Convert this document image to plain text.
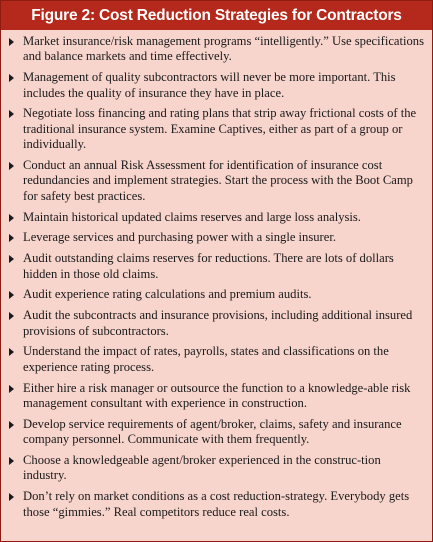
Figure 2: Cost Reduction Strategies for Contractors
Market insurance/risk management programs “intelligently.” Use specifications and balance markets and time effectively.
Management of quality subcontractors will never be more important. This includes the quality of insurance they have in place.
Negotiate loss financing and rating plans that strip away frictional costs of the traditional insurance system. Examine Captives, either as part of a group or individually.
Conduct an annual Risk Assessment for identification of insurance cost redundancies and implement strategies. Start the process with the Boot Camp for safety best practices.
Maintain historical updated claims reserves and large loss analysis.
Leverage services and purchasing power with a single insurer.
Audit outstanding claims reserves for reductions. There are lots of dollars hidden in those old claims.
Audit experience rating calculations and premium audits.
Audit the subcontracts and insurance provisions, including additional insured provisions of subcontractors.
Understand the impact of rates, payrolls, states and classifications on the experience rating process.
Either hire a risk manager or outsource the function to a knowledge-able risk management consultant with experience in construction.
Develop service requirements of agent/broker, claims, safety and insurance company personnel. Communicate with them frequently.
Choose a knowledgeable agent/broker experienced in the construc-tion industry.
Don’t rely on market conditions as a cost reduction-strategy. Everybody gets those “gimmies.” Real competitors reduce real costs.
